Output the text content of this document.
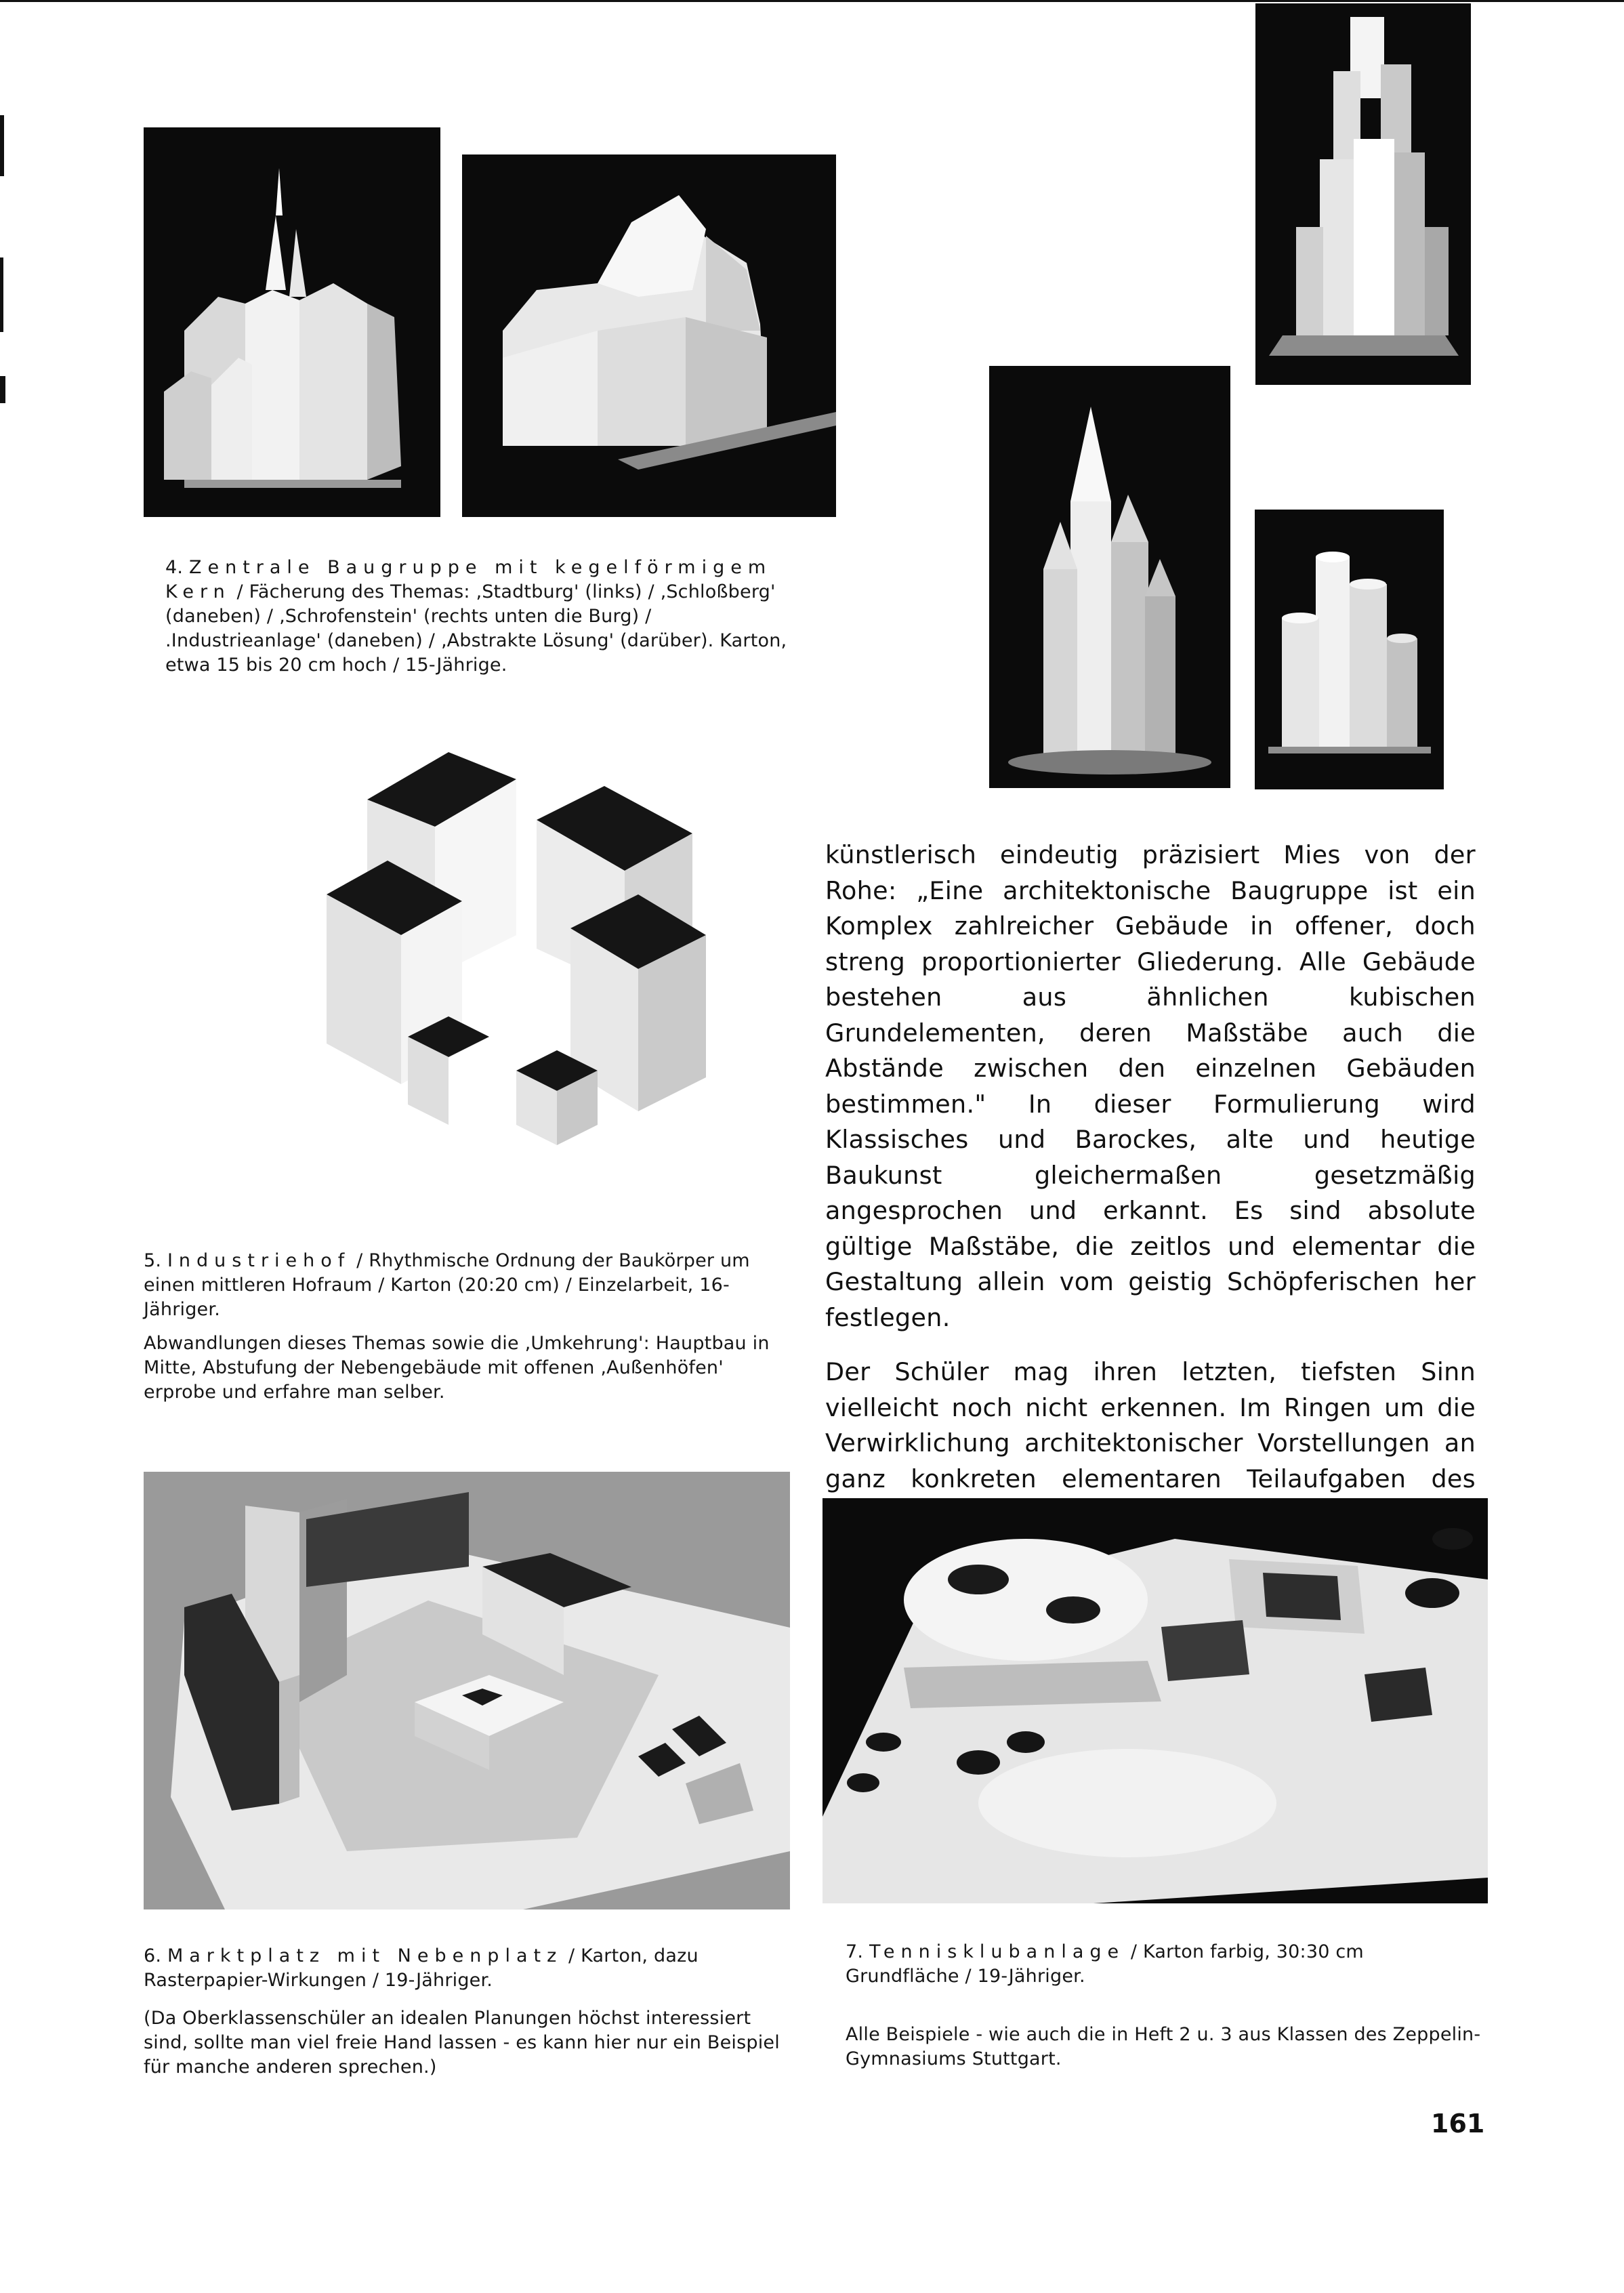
4. Zentrale Baugruppe mit kegelförmigem Kern / Fächerung des Themas: ‚Stadtburg' (links) / ‚Schloßberg' (daneben) / ‚Schrofenstein' (rechts unten die Burg) / .Industrieanlage' (daneben) / ‚Abstrakte Lösung' (darüber). Karton, etwa 15 bis 20 cm hoch / 15-Jährige.

5. Industriehof / Rhythmische Ordnung der Baukörper um einen mittleren Hofraum / Karton (20:20 cm) / Einzelarbeit, 16-Jähriger.

Abwandlungen dieses Themas sowie die ‚Umkehrung': Hauptbau in Mitte, Abstufung der Nebengebäude mit offenen ‚Außenhöfen' erprobe und erfahre man selber.

künstlerisch eindeutig präzisiert Mies von der Rohe: „Eine architektonische Baugruppe ist ein Komplex zahlreicher Gebäude in offener, doch streng proportionierter Gliederung. Alle Gebäude bestehen aus ähnlichen kubischen Grundelementen, deren Maßstäbe auch die Abstände zwischen den einzelnen Gebäuden bestimmen." In dieser Formulierung wird Klassisches und Barockes, alte und heutige Baukunst gleichermaßen gesetzmäßig angesprochen und erkannt. Es sind absolute gültige Maßstäbe, die zeitlos und elementar die Gestaltung allein vom geistig Schöpferischen her festlegen.

Der Schüler mag ihren letzten, tiefsten Sinn vielleicht noch nicht erkennen. Im Ringen um die Verwirklichung architektonischer Vorstellungen an ganz konkreten elementaren Teilaufgaben des

6. Marktplatz mit Nebenplatz / Karton, dazu Rasterpapier-Wirkungen / 19-Jähriger.

(Da Oberklassenschüler an idealen Planungen höchst interessiert sind, sollte man viel freie Hand lassen - es kann hier nur ein Beispiel für manche anderen sprechen.)

7. Tennisklubanlage / Karton farbig, 30:30 cm Grundfläche / 19-Jähriger.

Alle Beispiele - wie auch die in Heft 2 u. 3 aus Klassen des Zeppelin-Gymnasiums Stuttgart.

161
